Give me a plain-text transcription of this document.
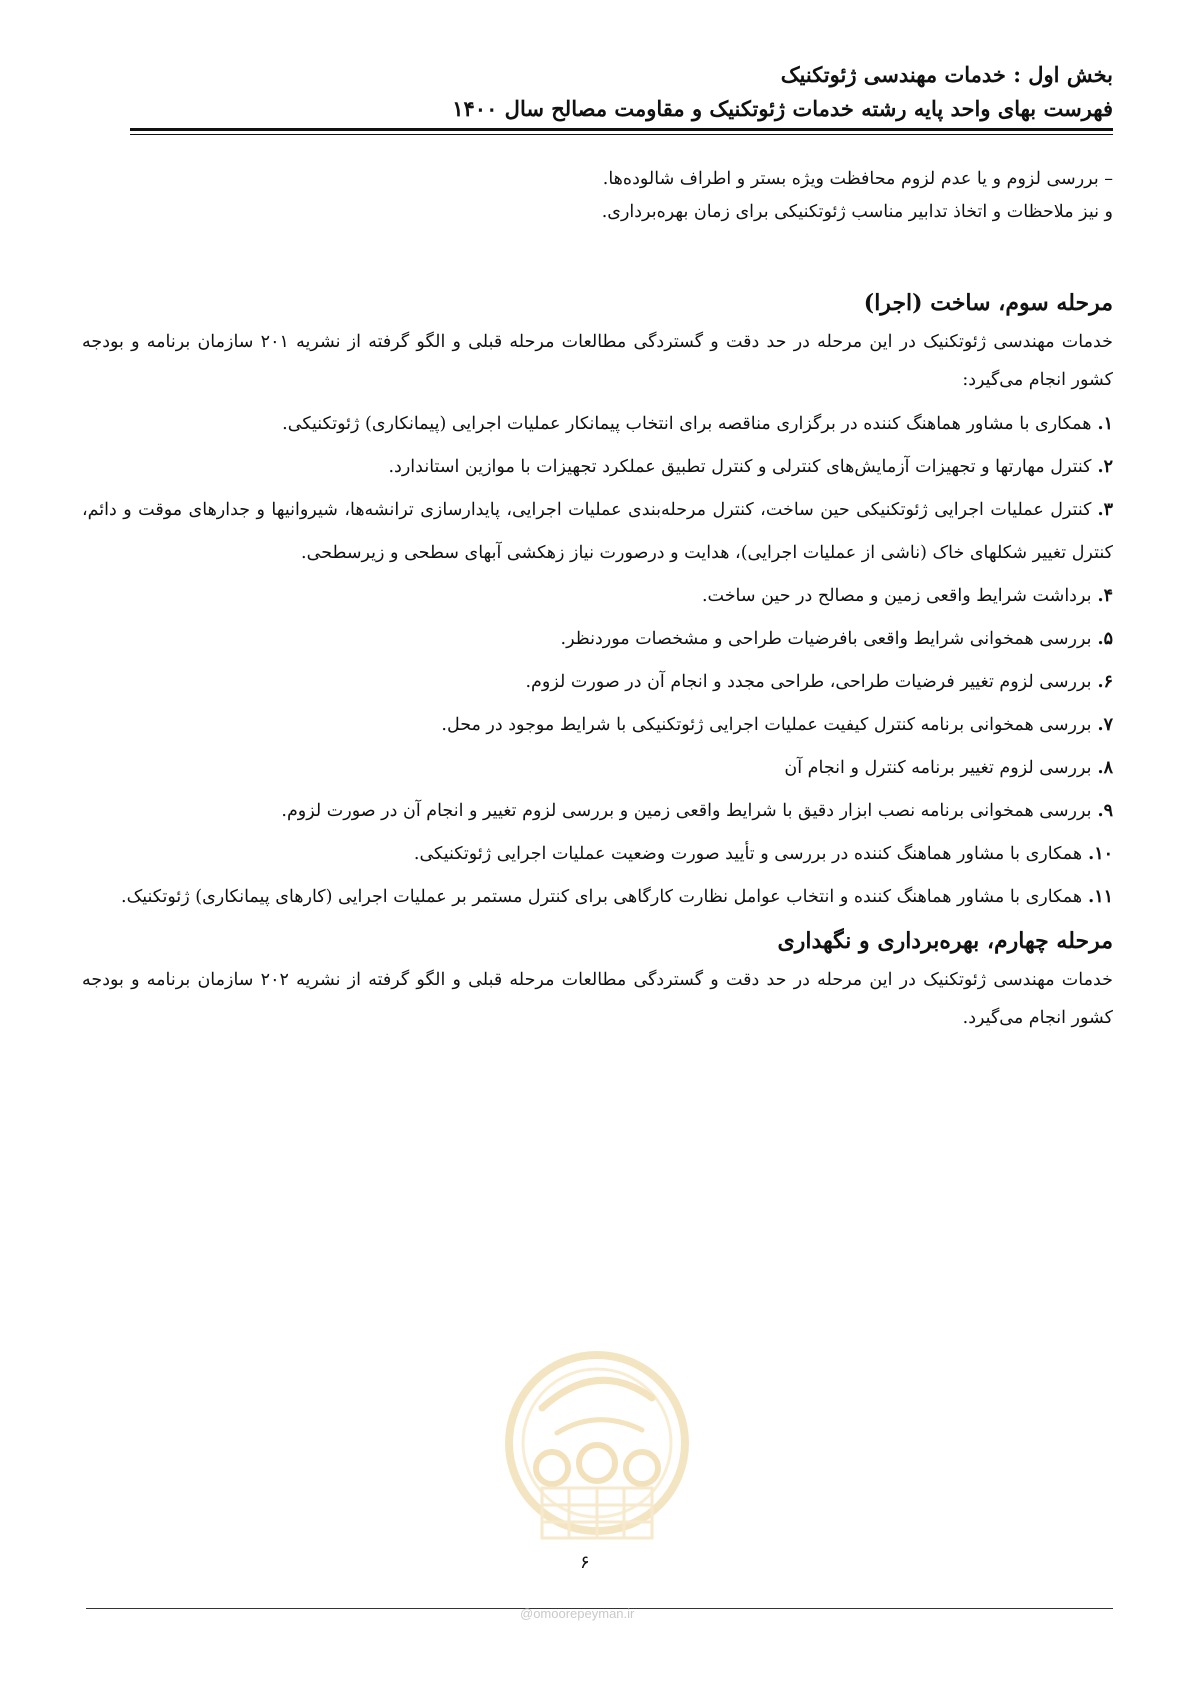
بخش اول : خدمات مهندسی ژئوتکنیک
فهرست بهای واحد پایه رشته خدمات ژئوتکنیک و مقاومت مصالح سال ۱۴۰۰
– بررسی لزوم و یا عدم لزوم محافظت ویژه بستر و اطراف شالوده‌ها.
و نیز ملاحظات و اتخاذ تدابیر مناسب ژئوتکنیکی برای زمان بهره‌برداری.
مرحله سوم، ساخت (اجرا)
خدمات مهندسی ژئوتکنیک در این مرحله در حد دقت و گستردگی مطالعات مرحله قبلی و الگو گرفته از نشریه ۲۰۱ سازمان برنامه و بودجه کشور انجام می‌گیرد:
۱.همکاری با مشاور هماهنگ کننده در برگزاری مناقصه برای انتخاب پیمانکار عملیات اجرایی (پیمانکاری) ژئوتکنیکی.
۲.کنترل مهارتها و تجهیزات آزمایش‌های کنترلی و کنترل تطبیق عملکرد تجهیزات با موازین استاندارد.
۳.کنترل عملیات اجرایی ژئوتکنیکی حین ساخت، کنترل مرحله‌بندی عملیات اجرایی، پایدارسازی ترانشه‌ها، شیروانیها و جدارهای موقت و دائم، کنترل تغییر شکلهای خاک (ناشی از عملیات اجرایی)، هدایت و درصورت نیاز زهکشی آبهای سطحی و زیرسطحی.
۴.برداشت شرایط واقعی زمین و مصالح در حین ساخت.
۵.بررسی همخوانی شرایط واقعی بافرضیات طراحی و مشخصات موردنظر.
۶.بررسی لزوم تغییر فرضیات طراحی، طراحی مجدد و انجام آن در صورت لزوم.
۷.بررسی همخوانی برنامه کنترل کیفیت عملیات اجرایی ژئوتکنیکی با شرایط موجود در محل.
۸.بررسی لزوم تغییر برنامه کنترل و انجام آن
۹.بررسی همخوانی برنامه نصب ابزار دقیق با شرایط واقعی زمین و بررسی لزوم تغییر و انجام آن در صورت لزوم.
۱۰.همکاری با مشاور هماهنگ کننده در بررسی و تأیید صورت وضعیت عملیات اجرایی ژئوتکنیکی.
۱۱.همکاری با مشاور هماهنگ کننده و انتخاب عوامل نظارت کارگاهی برای کنترل مستمر بر عملیات اجرایی (کارهای پیمانکاری) ژئوتکنیک.
مرحله چهارم، بهره‌برداری و نگهداری
خدمات مهندسی ژئوتکنیک در این مرحله در حد دقت و گستردگی مطالعات مرحله قبلی و الگو گرفته از نشریه ۲۰۲ سازمان برنامه و بودجه کشور انجام می‌گیرد.
۶
@omoorepeyman.ir
